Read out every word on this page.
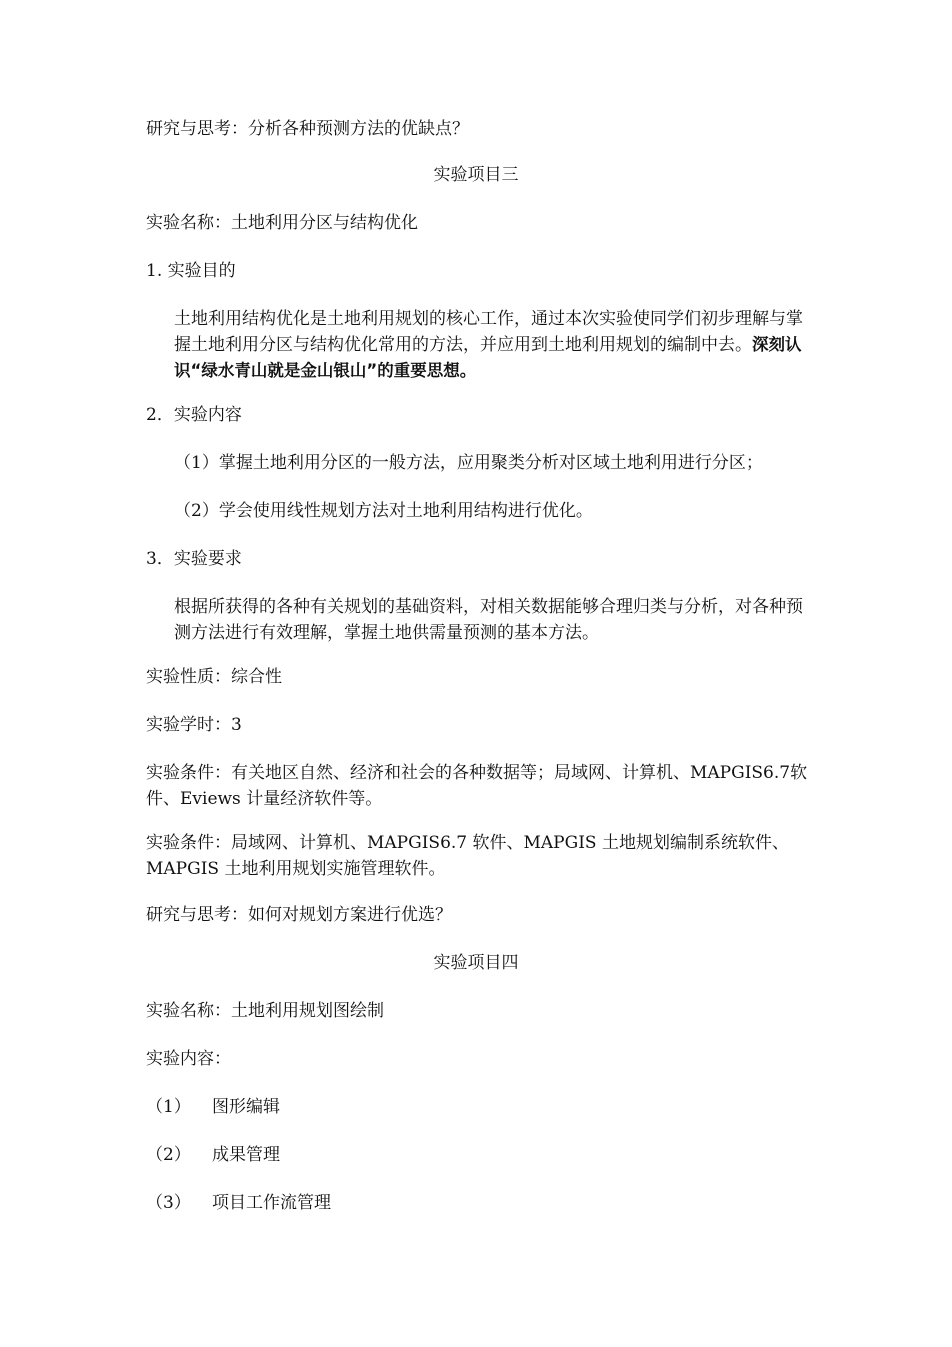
研究与思考：分析各种预测方法的优缺点？

实验项目三

实验名称：土地利用分区与结构优化

1. 实验目的

土地利用结构优化是土地利用规划的核心工作，通过本次实验使同学们初步理解与掌握土地利用分区与结构优化常用的方法，并应用到土地利用规划的编制中去。深刻认识“绿水青山就是金山银山”的重要思想。

2．实验内容

（1）掌握土地利用分区的一般方法，应用聚类分析对区域土地利用进行分区；

（2）学会使用线性规划方法对土地利用结构进行优化。

3．实验要求

根据所获得的各种有关规划的基础资料，对相关数据能够合理归类与分析，对各种预测方法进行有效理解，掌握土地供需量预测的基本方法。

实验性质：综合性

实验学时：3

实验条件：有关地区自然、经济和社会的各种数据等；局域网、计算机、MAPGIS6.7软件、Eviews 计量经济软件等。

实验条件：局域网、计算机、MAPGIS6.7 软件、MAPGIS 土地规划编制系统软件、MAPGIS 土地利用规划实施管理软件。

研究与思考：如何对规划方案进行优选？

实验项目四

实验名称：土地利用规划图绘制

实验内容：

（1） 图形编辑
（2） 成果管理
（3） 项目工作流管理
